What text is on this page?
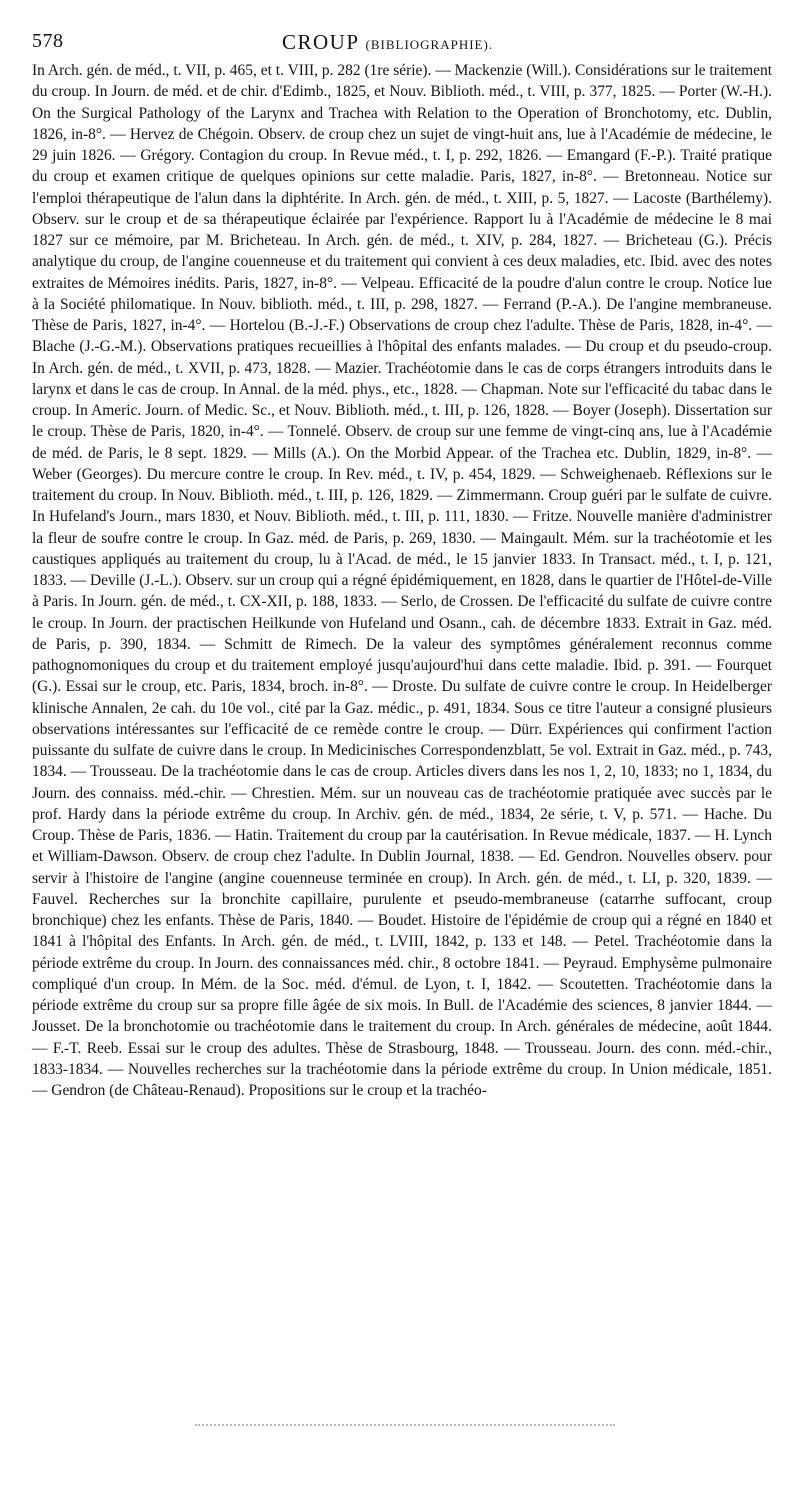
578	CROUP (BIBLIOGRAPHIE).

In Arch. gén. de méd., t. VII, p. 465, et t. VIII, p. 282 (1re série). — Mackenzie (Will.). Considérations sur le traitement du croup. In Journ. de méd. et de chir. d'Edimb., 1825, et Nouv. Biblioth. méd., t. VIII, p. 377, 1825. — Porter (W.-H.). On the Surgical Pathology of the Larynx and Trachea with Relation to the Operation of Bronchotomy, etc. Dublin, 1826, in-8°. — Hervez de Chégoin. Observ. de croup chez un sujet de vingt-huit ans, lue à l'Académie de médecine, le 29 juin 1826. — Grégory. Contagion du croup. In Revue méd., t. I, p. 292, 1826. — Emangard (F.-P.). Traité pratique du croup et examen critique de quelques opinions sur cette maladie. Paris, 1827, in-8°. — Bretonneau. Notice sur l'emploi thérapeutique de l'alun dans la diphtérite. In Arch. gén. de méd., t. XIII, p. 5, 1827. — Lacoste (Barthélemy). Observ. sur le croup et de sa thérapeutique éclairée par l'expérience. Rapport lu à l'Académie de médecine le 8 mai 1827 sur ce mémoire, par M. Bricheteau. In Arch. gén. de méd., t. XIV, p. 284, 1827. — Bricheteau (G.). Précis analytique du croup, de l'angine couenneuse et du traitement qui convient à ces deux maladies, etc. Ibid. avec des notes extraites de Mémoires inédits. Paris, 1827, in-8°. — Velpeau. Efficacité de la poudre d'alun contre le croup. Notice lue à la Société philomatique. In Nouv. biblioth. méd., t. III, p. 298, 1827. — Ferrand (P.-A.). De l'angine membraneuse. Thèse de Paris, 1827, in-4°. — Hortelou (B.-J.-F.) Observations de croup chez l'adulte. Thèse de Paris, 1828, in-4°. — Blache (J.-G.-M.). Observations pratiques recueillies à l'hôpital des enfants malades. — Du croup et du pseudo-croup. In Arch. gén. de méd., t. XVII, p. 473, 1828. — Mazier. Trachéotomie dans le cas de corps étrangers introduits dans le larynx et dans le cas de croup. In Annal. de la méd. phys., etc., 1828. — Chapman. Note sur l'efficacité du tabac dans le croup. In Americ. Journ. of Medic. Sc., et Nouv. Biblioth. méd., t. III, p. 126, 1828. — Boyer (Joseph). Dissertation sur le croup. Thèse de Paris, 1820, in-4°. — Tonnelé. Observ. de croup sur une femme de vingt-cinq ans, lue à l'Académie de méd. de Paris, le 8 sept. 1829. — Mills (A.). On the Morbid Appear. of the Trachea etc. Dublin, 1829, in-8°. — Weber (Georges). Du mercure contre le croup. In Rev. méd., t. IV, p. 454, 1829. — Schweighenaeb. Réflexions sur le traitement du croup. In Nouv. Biblioth. méd., t. III, p. 126, 1829. — Zimmermann. Croup guéri par le sulfate de cuivre. In Hufeland's Journ., mars 1830, et Nouv. Biblioth. méd., t. III, p. 111, 1830. — Fritze. Nouvelle manière d'administrer la fleur de soufre contre le croup. In Gaz. méd. de Paris, p. 269, 1830. — Maingault. Mém. sur la trachéotomie et les caustiques appliqués au traitement du croup, lu à l'Acad. de méd., le 15 janvier 1833. In Transact. méd., t. I, p. 121, 1833. — Deville (J.-L.). Observ. sur un croup qui a régné épidémiquement, en 1828, dans le quartier de l'Hôtel-de-Ville à Paris. In Journ. gén. de méd., t. CX-XII, p. 188, 1833. — Serlo, de Crossen. De l'efficacité du sulfate de cuivre contre le croup. In Journ. der practischen Heilkunde von Hufeland und Osann., cah. de décembre 1833. Extrait in Gaz. méd. de Paris, p. 390, 1834. — Schmitt de Rimech. De la valeur des symptômes généralement reconnus comme pathognomoniques du croup et du traitement employé jusqu'aujourd'hui dans cette maladie. Ibid. p. 391. — Fourquet (G.). Essai sur le croup, etc. Paris, 1834, broch. in-8°. — Droste. Du sulfate de cuivre contre le croup. In Heidelberger klinische Annalen, 2e cah. du 10e vol., cité par la Gaz. médic., p. 491, 1834. Sous ce titre l'auteur a consigné plusieurs observations intéressantes sur l'efficacité de ce remède contre le croup. — Dürr. Expériences qui confirment l'action puissante du sulfate de cuivre dans le croup. In Medicinisches Correspondenzblatt, 5e vol. Extrait in Gaz. méd., p. 743, 1834. — Trousseau. De la trachéotomie dans le cas de croup. Articles divers dans les nos 1, 2, 10, 1833; no 1, 1834, du Journ. des connaiss. méd.-chir. — Chrestien. Mém. sur un nouveau cas de trachéotomie pratiquée avec succès par le prof. Hardy dans la période extrême du croup. In Archiv. gén. de méd., 1834, 2e série, t. V, p. 571. — Hache. Du Croup. Thèse de Paris, 1836. — Hatin. Traitement du croup par la cautérisation. In Revue médicale, 1837. — H. Lynch et William-Dawson. Observ. de croup chez l'adulte. In Dublin Journal, 1838. — Ed. Gendron. Nouvelles observ. pour servir à l'histoire de l'angine (angine couenneuse terminée en croup). In Arch. gén. de méd., t. LI, p. 320, 1839. — Fauvel. Recherches sur la bronchite capillaire, purulente et pseudo-membraneuse (catarrhe suffocant, croup bronchique) chez les enfants. Thèse de Paris, 1840. — Boudet. Histoire de l'épidémie de croup qui a régné en 1840 et 1841 à l'hôpital des Enfants. In Arch. gén. de méd., t. LVIII, 1842, p. 133 et 148. — Petel. Trachéotomie dans la période extrême du croup. In Journ. des connaissances méd. chir., 8 octobre 1841. — Peyraud. Emphysème pulmonaire compliqué d'un croup. In Mém. de la Soc. méd. d'émul. de Lyon, t. I, 1842. — Scoutetten. Trachéotomie dans la période extrême du croup sur sa propre fille âgée de six mois. In Bull. de l'Académie des sciences, 8 janvier 1844. — Jousset. De la bronchotomie ou trachéotomie dans le traitement du croup. In Arch. générales de médecine, août 1844. — F.-T. Reeb. Essai sur le croup des adultes. Thèse de Strasbourg, 1848. — Trousseau. Journ. des conn. méd.-chir., 1833-1834. — Nouvelles recherches sur la trachéotomie dans la période extrême du croup. In Union médicale, 1851. — Gendron (de Château-Renaud). Propositions sur le croup et la trachéo-
